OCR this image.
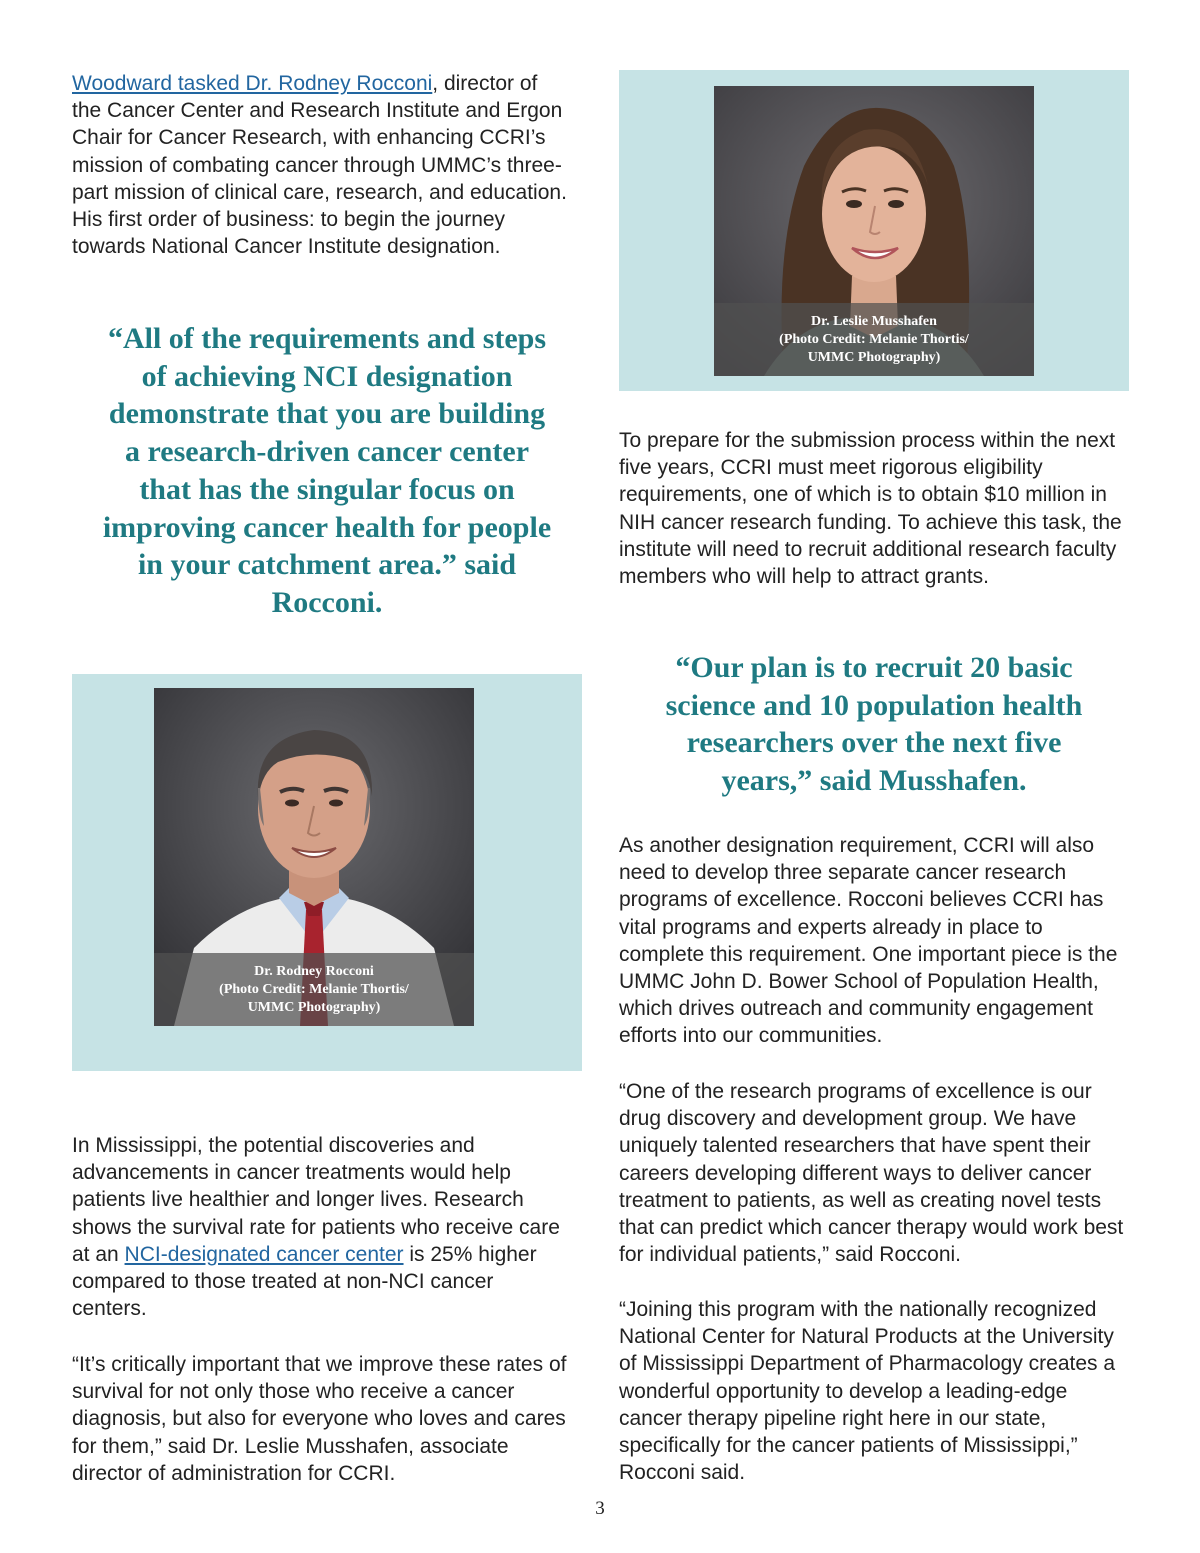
Woodward tasked Dr. Rodney Rocconi, director of the Cancer Center and Research Institute and Ergon Chair for Cancer Research, with enhancing CCRI’s mission of combating cancer through UMMC’s three-part mission of clinical care, research, and education. His first order of business: to begin the journey towards National Cancer Institute designation.

“All of the requirements and steps of achieving NCI designation demonstrate that you are building a research-driven cancer center that has the singular focus on improving cancer health for people in your catchment area.” said Rocconi.

Dr. Rodney Rocconi
(Photo Credit: Melanie Thortis/
UMMC Photography)

In Mississippi, the potential discoveries and advancements in cancer treatments would help patients live healthier and longer lives. Research shows the survival rate for patients who receive care at an NCI-designated cancer center is 25% higher compared to those treated at non-NCI cancer centers.

“It’s critically important that we improve these rates of survival for not only those who receive a cancer diagnosis, but also for everyone who loves and cares for them,” said Dr. Leslie Musshafen, associate director of administration for CCRI.

Dr. Leslie Musshafen
(Photo Credit: Melanie Thortis/
UMMC Photography)

To prepare for the submission process within the next five years, CCRI must meet rigorous eligibility requirements, one of which is to obtain $10 million in NIH cancer research funding. To achieve this task, the institute will need to recruit additional research faculty members who will help to attract grants.

“Our plan is to recruit 20 basic science and 10 population health researchers over the next five years,” said Musshafen.

As another designation requirement, CCRI will also need to develop three separate cancer research programs of excellence. Rocconi believes CCRI has vital programs and experts already in place to complete this requirement. One important piece is the UMMC John D. Bower School of Population Health, which drives outreach and community engagement efforts into our communities.

“One of the research programs of excellence is our drug discovery and development group. We have uniquely talented researchers that have spent their careers developing different ways to deliver cancer treatment to patients, as well as creating novel tests that can predict which cancer therapy would work best for individual patients,” said Rocconi.

“Joining this program with the nationally recognized National Center for Natural Products at the University of Mississippi Department of Pharmacology creates a wonderful opportunity to develop a leading-edge cancer therapy pipeline right here in our state, specifically for the cancer patients of Mississippi,” Rocconi said.

3
